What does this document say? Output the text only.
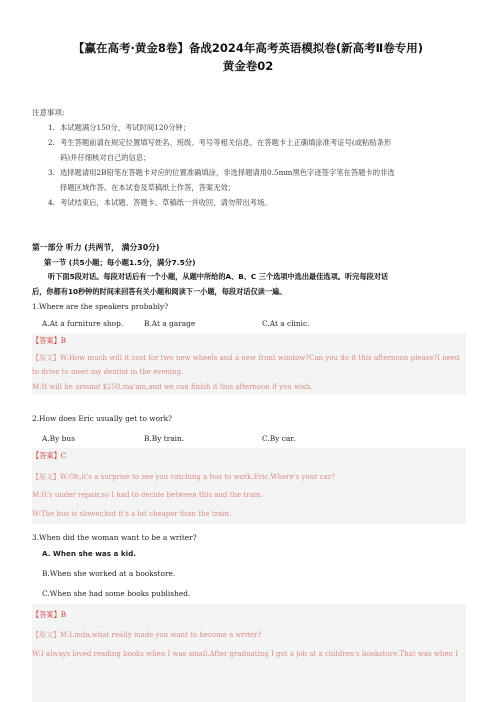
【赢在高考·黄金8卷】备战2024年高考英语模拟卷(新高考Ⅱ卷专用)
黄金卷02
注意事项:
1. 本试题满分150分，考试时间120分钟；
2. 考生答题前请在规定位置填写姓名、班级、考号等相关信息，在答题卡上正确填涂准考证号(或粘贴条形
码)并仔细核对自己的信息；
3. 选择题请用2B铅笔在答题卡对应的位置准确填涂，非选择题请用0.5mm黑色字迹签字笔在答题卡的非选
择题区域作答。在本试卷及草稿纸上作答，答案无效；
4. 考试结束后，本试题、答题卡、草稿纸一并收回，请勿带出考场。
第一部分 听力 (共两节， 满分30分)
第一节 (共5小题；每小题1.5分，满分7.5分)
听下面5段对话。每段对话后有一个小题，从题中所给的A、B、C 三个选项中选出最佳选项。听完每段对话
后，你都有10秒钟的时间来回答有关小题和阅读下一小题，每段对话仅读一遍。
1.Where are the speakers probably?
A.At a furniture shop.	B.At a garage	C.At a clinic.
【答案】B
【原文】W:How much will it cost for two new wheels and a new front window?Can you do it this afternoon please?I need
to drive to meet my dentist in the evening.
M:It will be around $250,ma'am,and we can finish it this afternoon if you wish.
2.How does Eric usually get to work?
A.By bus	B.By train.	C.By car.
【答案】C
【原文】W:Oh,it's a surprise to see you catching a bus to work,Eric.Where's your car?
M:It's under repair,so I had to decide between this and the train.
W:The bus is slower,but it's a lot cheaper than the train.
3.When did the woman want to be a writer?
A. When she was a kid.
B.When she worked at a bookstore.
C.When she had some books published.
【答案】B
【原文】M:Linda,what really made you want to become a writer?
W:I always loved reading books when I was small.After graduating I got a job at a children's bookstore.That was when I
